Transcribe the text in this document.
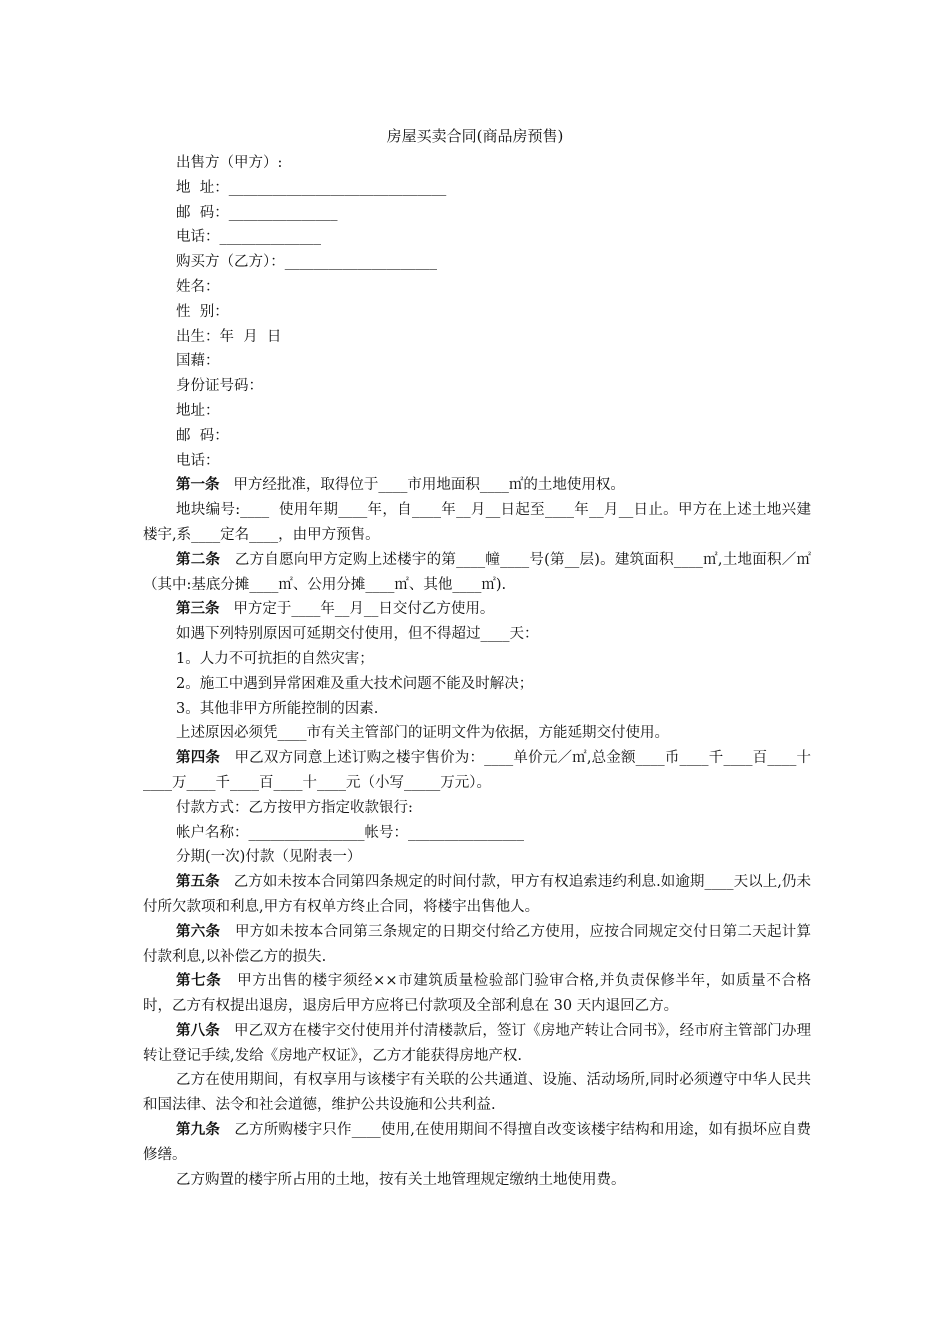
房屋买卖合同(商品房预售)

出售方（甲方）:

地  址：______________________________

邮  码：_______________

电话：______________

购买方（乙方）：_____________________

姓名：

性  别：

出生：年  月  日

国藉：

身份证号码：

地址：

邮  码：

电话：

第一条   甲方经批准，取得位于____市用地面积____㎡的土地使用权。

地块编号:____  使用年期____年，自____年__月__日起至____年__月__日止。甲方在上述土地兴建楼宇,系____定名____，由甲方预售。

第二条   乙方自愿向甲方定购上述楼宇的第____幢____号(第__层)。建筑面积____㎡,土地面积／㎡（其中:基底分摊____㎡、公用分摊____㎡、其他____㎡).

第三条   甲方定于____年__月__日交付乙方使用。

如遇下列特别原因可延期交付使用，但不得超过____天：

1。人力不可抗拒的自然灾害；

2。施工中遇到异常困难及重大技术问题不能及时解决；

3。其他非甲方所能控制的因素.

上述原因必须凭____市有关主管部门的证明文件为依据，方能延期交付使用。

第四条   甲乙双方同意上述订购之楼宇售价为：____单价元／㎡,总金额____币____千____百____十____万____千____百____十____元（小写_____万元）。

付款方式：乙方按甲方指定收款银行:

帐户名称：________________帐号：________________

分期(一次)付款（见附表一）

第五条   乙方如未按本合同第四条规定的时间付款，甲方有权追索违约利息.如逾期____天以上,仍未付所欠款项和利息,甲方有权单方终止合同，将楼宇出售他人。

第六条   甲方如未按本合同第三条规定的日期交付给乙方使用，应按合同规定交付日第二天起计算付款利息,以补偿乙方的损失.

第七条   甲方出售的楼宇须经××市建筑质量检验部门验审合格,并负责保修半年，如质量不合格时，乙方有权提出退房，退房后甲方应将已付款项及全部利息在 30 天内退回乙方。

第八条   甲乙双方在楼宇交付使用并付清楼款后，签订《房地产转让合同书》，经市府主管部门办理转让登记手续,发给《房地产权证》，乙方才能获得房地产权.

乙方在使用期间，有权享用与该楼宇有关联的公共通道、设施、活动场所,同时必须遵守中华人民共和国法律、法令和社会道德，维护公共设施和公共利益.

第九条   乙方所购楼宇只作____使用,在使用期间不得擅自改变该楼宇结构和用途，如有损坏应自费修缮。

乙方购置的楼宇所占用的土地，按有关土地管理规定缴纳土地使用费。
